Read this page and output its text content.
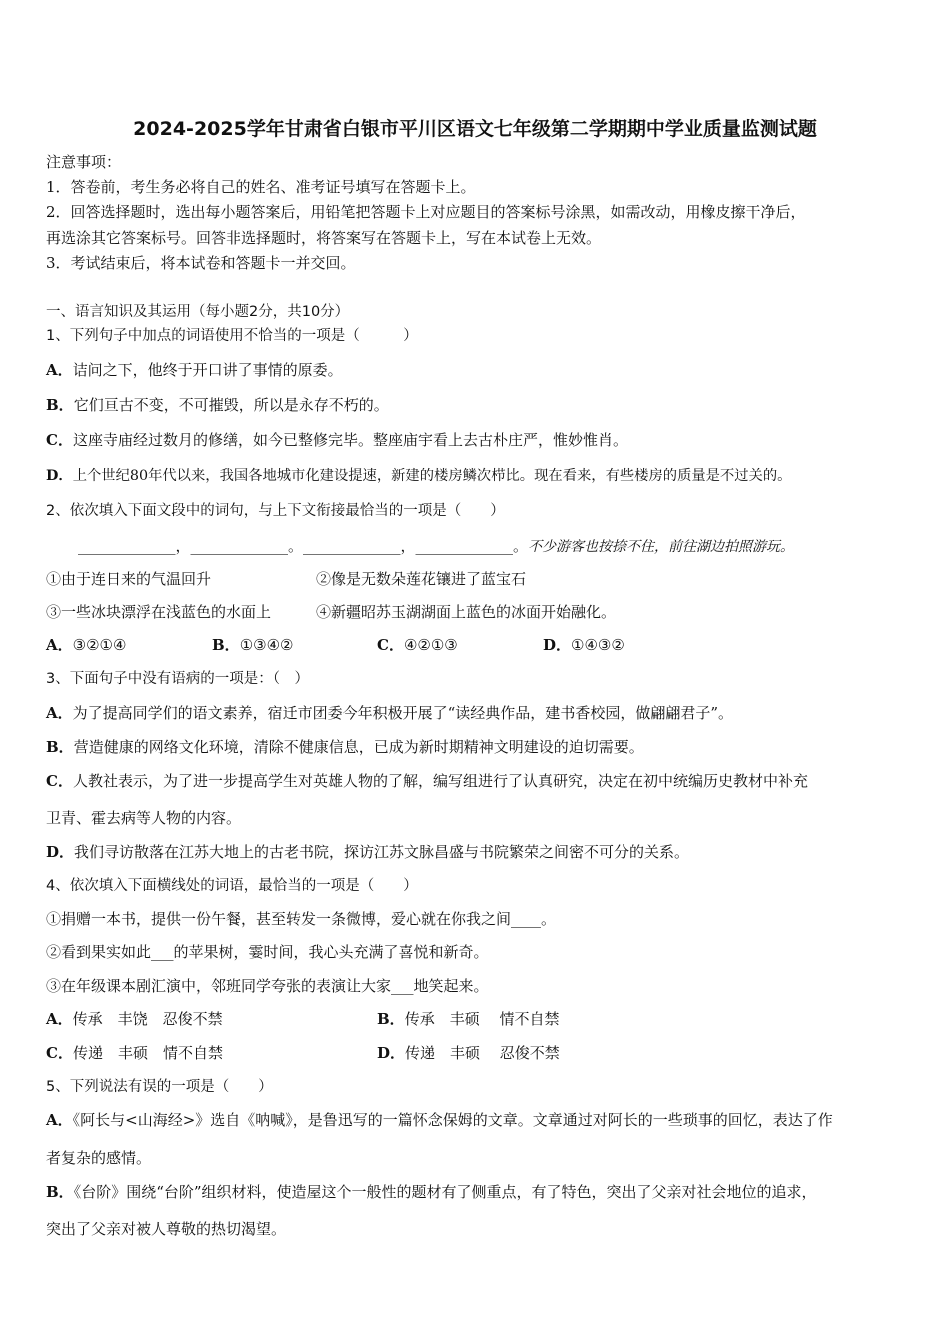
2024-2025学年甘肃省白银市平川区语文七年级第二学期期中学业质量监测试题
注意事项：
1．答卷前，考生务必将自己的姓名、准考证号填写在答题卡上。
2．回答选择题时，选出每小题答案后，用铅笔把答题卡上对应题目的答案标号涂黑，如需改动，用橡皮擦干净后，
再选涂其它答案标号。回答非选择题时，将答案写在答题卡上，写在本试卷上无效。
3．考试结束后，将本试卷和答题卡一并交回。
一、语言知识及其运用（每小题2分，共10分）
1、下列句子中加点的词语使用不恰当的一项是（　　　）
A．诘问之下，他终于开口讲了事情的原委。
B．它们亘古不变，不可摧毁，所以是永存不朽的。
C．这座寺庙经过数月的修缮，如今已整修完毕。整座庙宇看上去古朴庄严，惟妙惟肖。
D．上个世纪80年代以来，我国各地城市化建设提速，新建的楼房鳞次栉比。现在看来，有些楼房的质量是不过关的。
2、依次填入下面文段中的词句，与上下文衔接最恰当的一项是（　　）
_____________，_____________。_____________，_____________。不少游客也按捺不住，前往湖边拍照游玩。
①由于连日来的气温回升	②像是无数朵莲花镶进了蓝宝石
③一些冰块漂浮在浅蓝色的水面上	④新疆昭苏玉湖湖面上蓝色的冰面开始融化。
A．③②①④	B．①③④②	C．④②①③	D．①④③②
3、下面句子中没有语病的一项是：（　）
A．为了提高同学们的语文素养，宿迁市团委今年积极开展了“读经典作品，建书香校园，做翩翩君子”。
B．营造健康的网络文化环境，清除不健康信息，已成为新时期精神文明建设的迫切需要。
C．人教社表示，为了进一步提高学生对英雄人物的了解，编写组进行了认真研究，决定在初中统编历史教材中补充
卫青、霍去病等人物的内容。
D．我们寻访散落在江苏大地上的古老书院，探访江苏文脉昌盛与书院繁荣之间密不可分的关系。
4、依次填入下面横线处的词语，最恰当的一项是（　　）
①捐赠一本书，提供一份午餐，甚至转发一条微博，爱心就在你我之间____。
②看到果实如此___的苹果树，霎时间，我心头充满了喜悦和新奇。
③在年级课本剧汇演中，邻班同学夸张的表演让大家___地笑起来。
A．传承　丰饶　忍俊不禁	B．传承　丰硕　 情不自禁
C．传递　丰硕　情不自禁	D．传递　丰硕　 忍俊不禁
5、下列说法有误的一项是（　　）
A．《阿长与<山海经>》选自《呐喊》，是鲁迅写的一篇怀念保姆的文章。文章通过对阿长的一些琐事的回忆，表达了作
者复杂的感情。
B．《台阶》围绕“台阶”组织材料，使造屋这个一般性的题材有了侧重点，有了特色，突出了父亲对社会地位的追求，
突出了父亲对被人尊敬的热切渴望。
